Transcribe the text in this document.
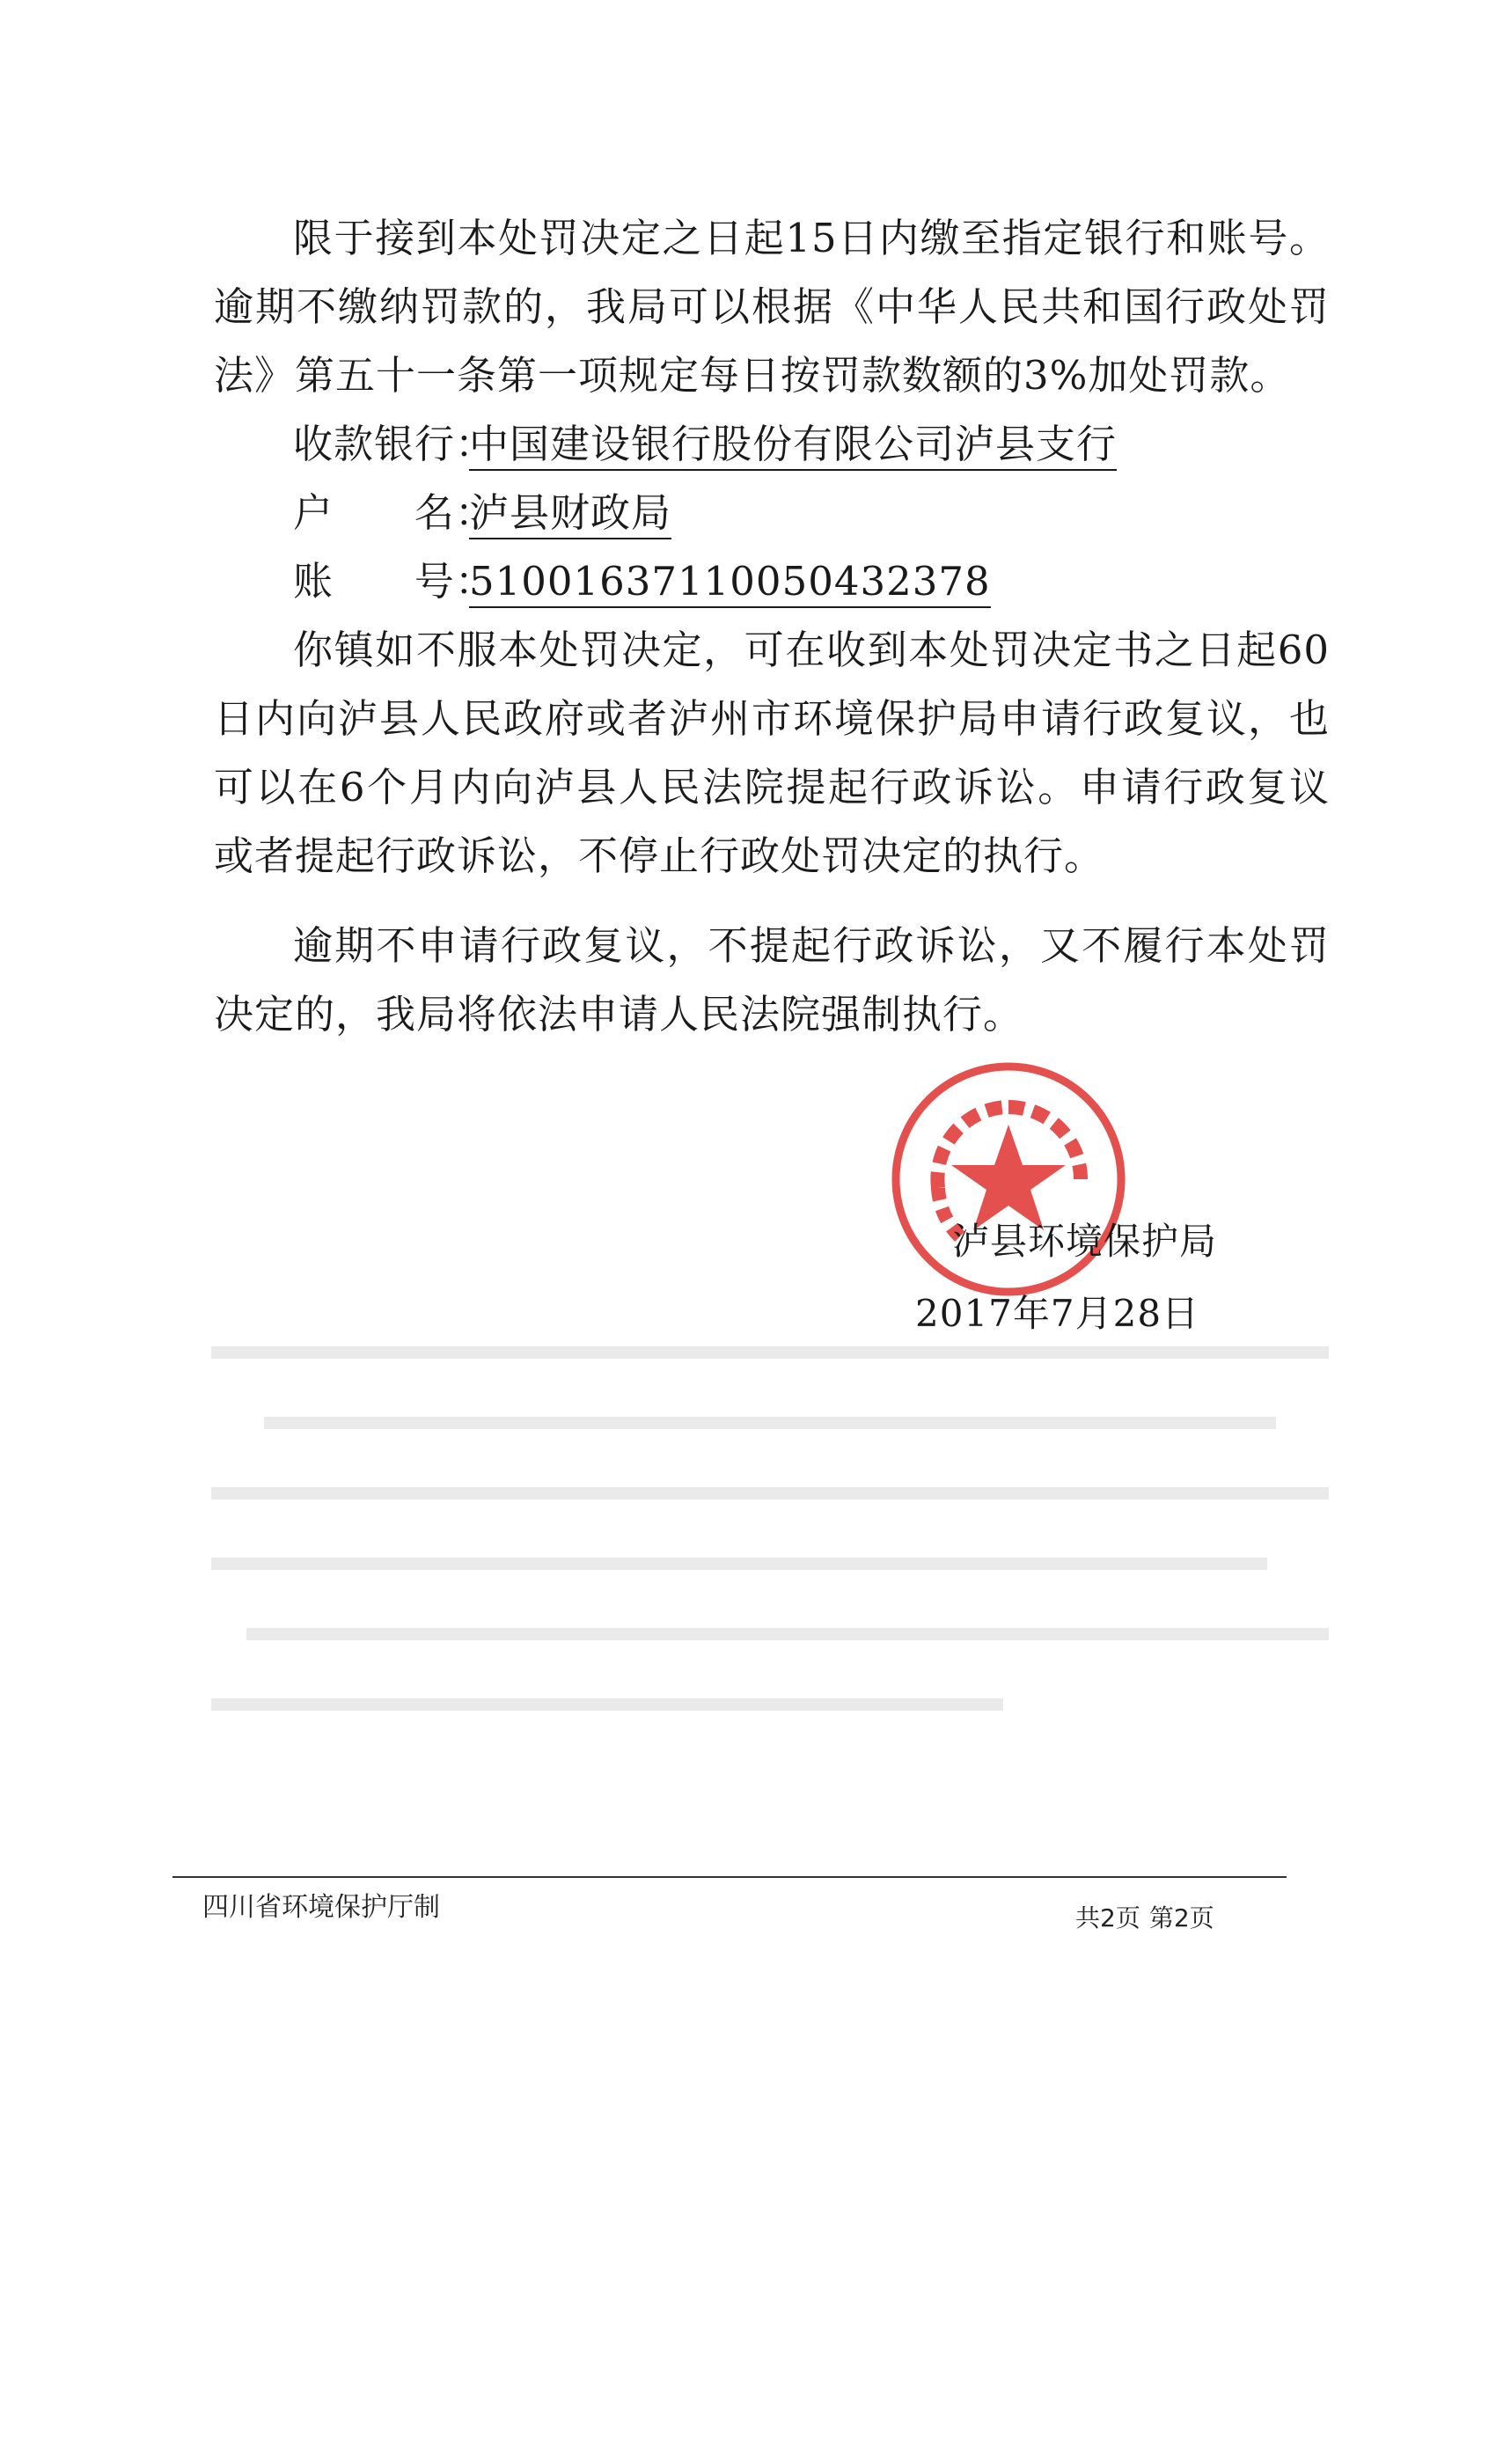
限于接到本处罚决定之日起15日内缴至指定银行和账号。逾期不缴纳罚款的，我局可以根据《中华人民共和国行政处罚法》第五十一条第一项规定每日按罚款数额的3%加处罚款。

收款银行：中国建设银行股份有限公司泸县支行

户      名：泸县财政局

账      号：51001637110050432378

你镇如不服本处罚决定，可在收到本处罚决定书之日起60日内向泸县人民政府或者泸州市环境保护局申请行政复议，也可以在6个月内向泸县人民法院提起行政诉讼。申请行政复议或者提起行政诉讼，不停止行政处罚决定的执行。

逾期不申请行政复议，不提起行政诉讼，又不履行本处罚决定的，我局将依法申请人民法院强制执行。

泸县环境保护局
2017年7月28日
四川省环境保护厅制	共2页 第2页
